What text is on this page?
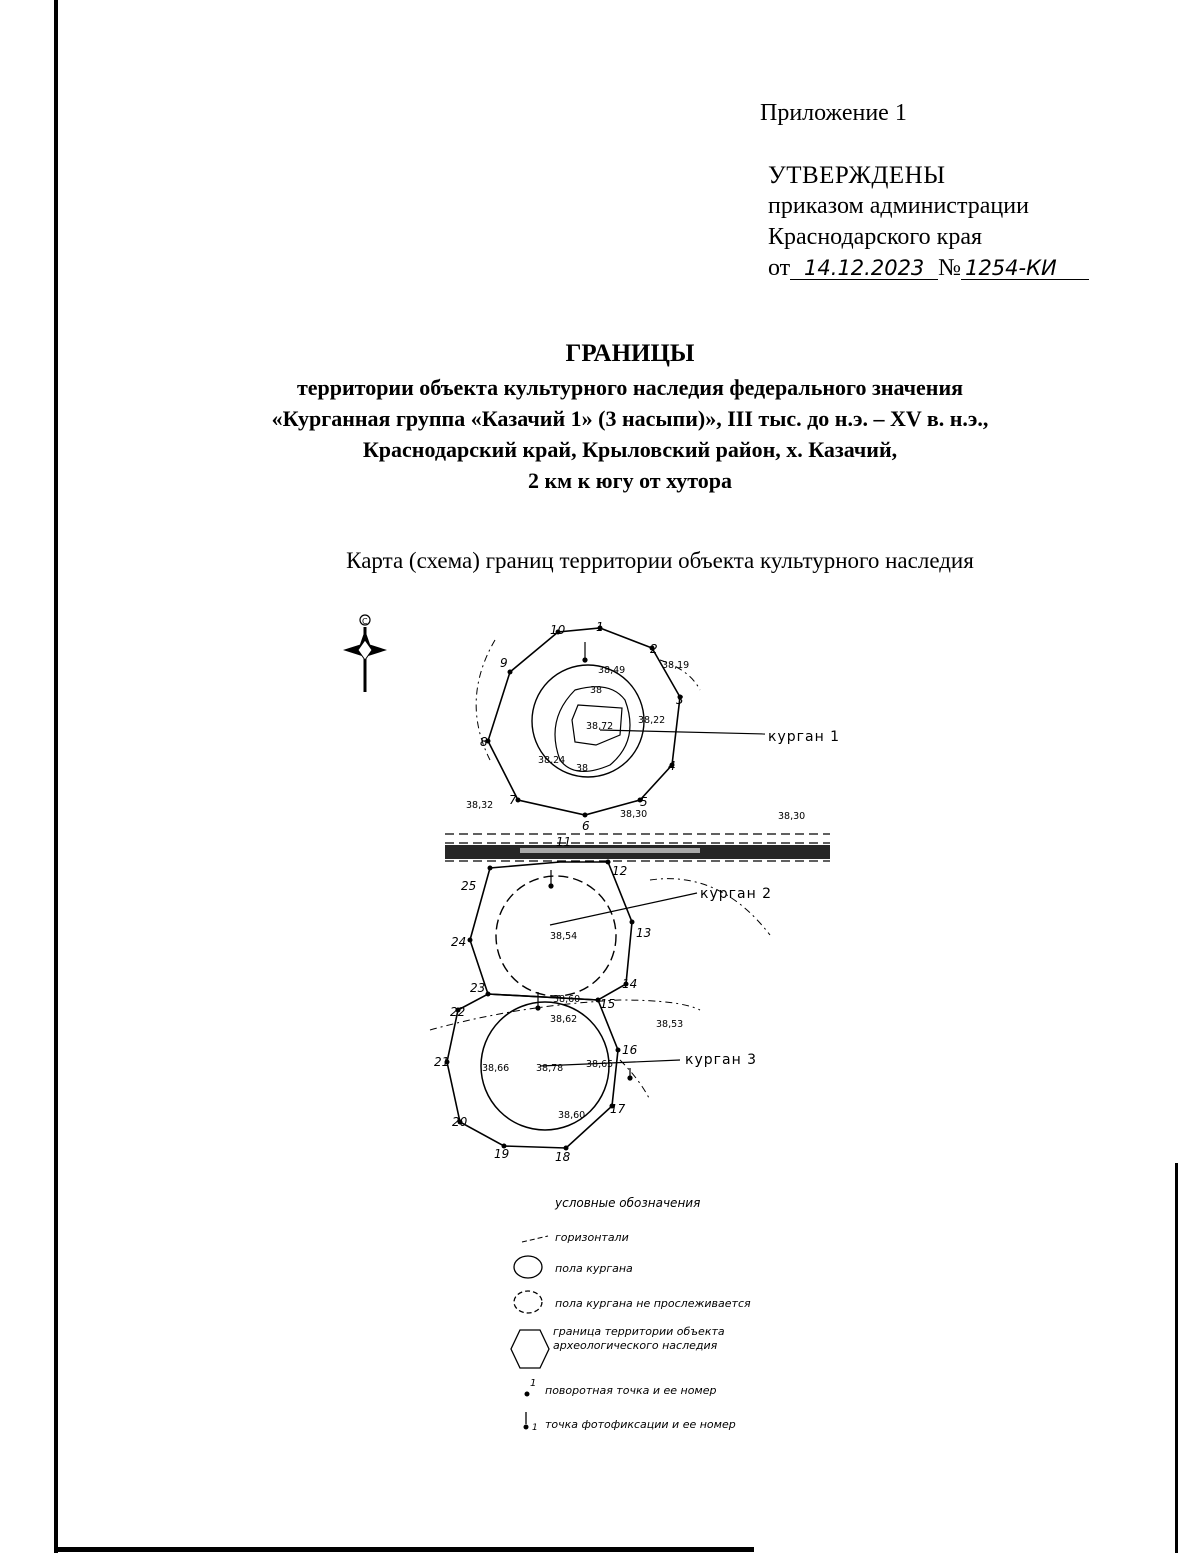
Приложение 1
УТВЕРЖДЕНЫ
приказом администрации
Краснодарского края
от 14.12.2023 № 1254-КИ
ГРАНИЦЫ
территории объекта культурного наследия федерального значения
«Курганная группа «Казачий 1» (3 насыпи)», III тыс. до н.э. – XV в. н.э.,
Краснодарский край, Крыловский район, х. Казачий,
2 км к югу от хутора
Карта (схема) границ территории объекта культурного наследия
С	1
2
3
4
5
6
7
8
9
10
11
12
13
14
15
16
17
18
19
20
21
22
23
24
25
38,19
38,22
38,30
38,32
38,49
38,72
38,24
38,30
38,54
38,60
38,62	38,53
38,66	38,78 38,65
38,60
38
38
курган 1
курган 2
курган 3
условные обозначения
горизонтали
пола кургана
пола кургана не прослеживается
граница территории объекта археологического наследия
1
поворотная точка и ее номер
1 точка фотофиксации и ее номер
